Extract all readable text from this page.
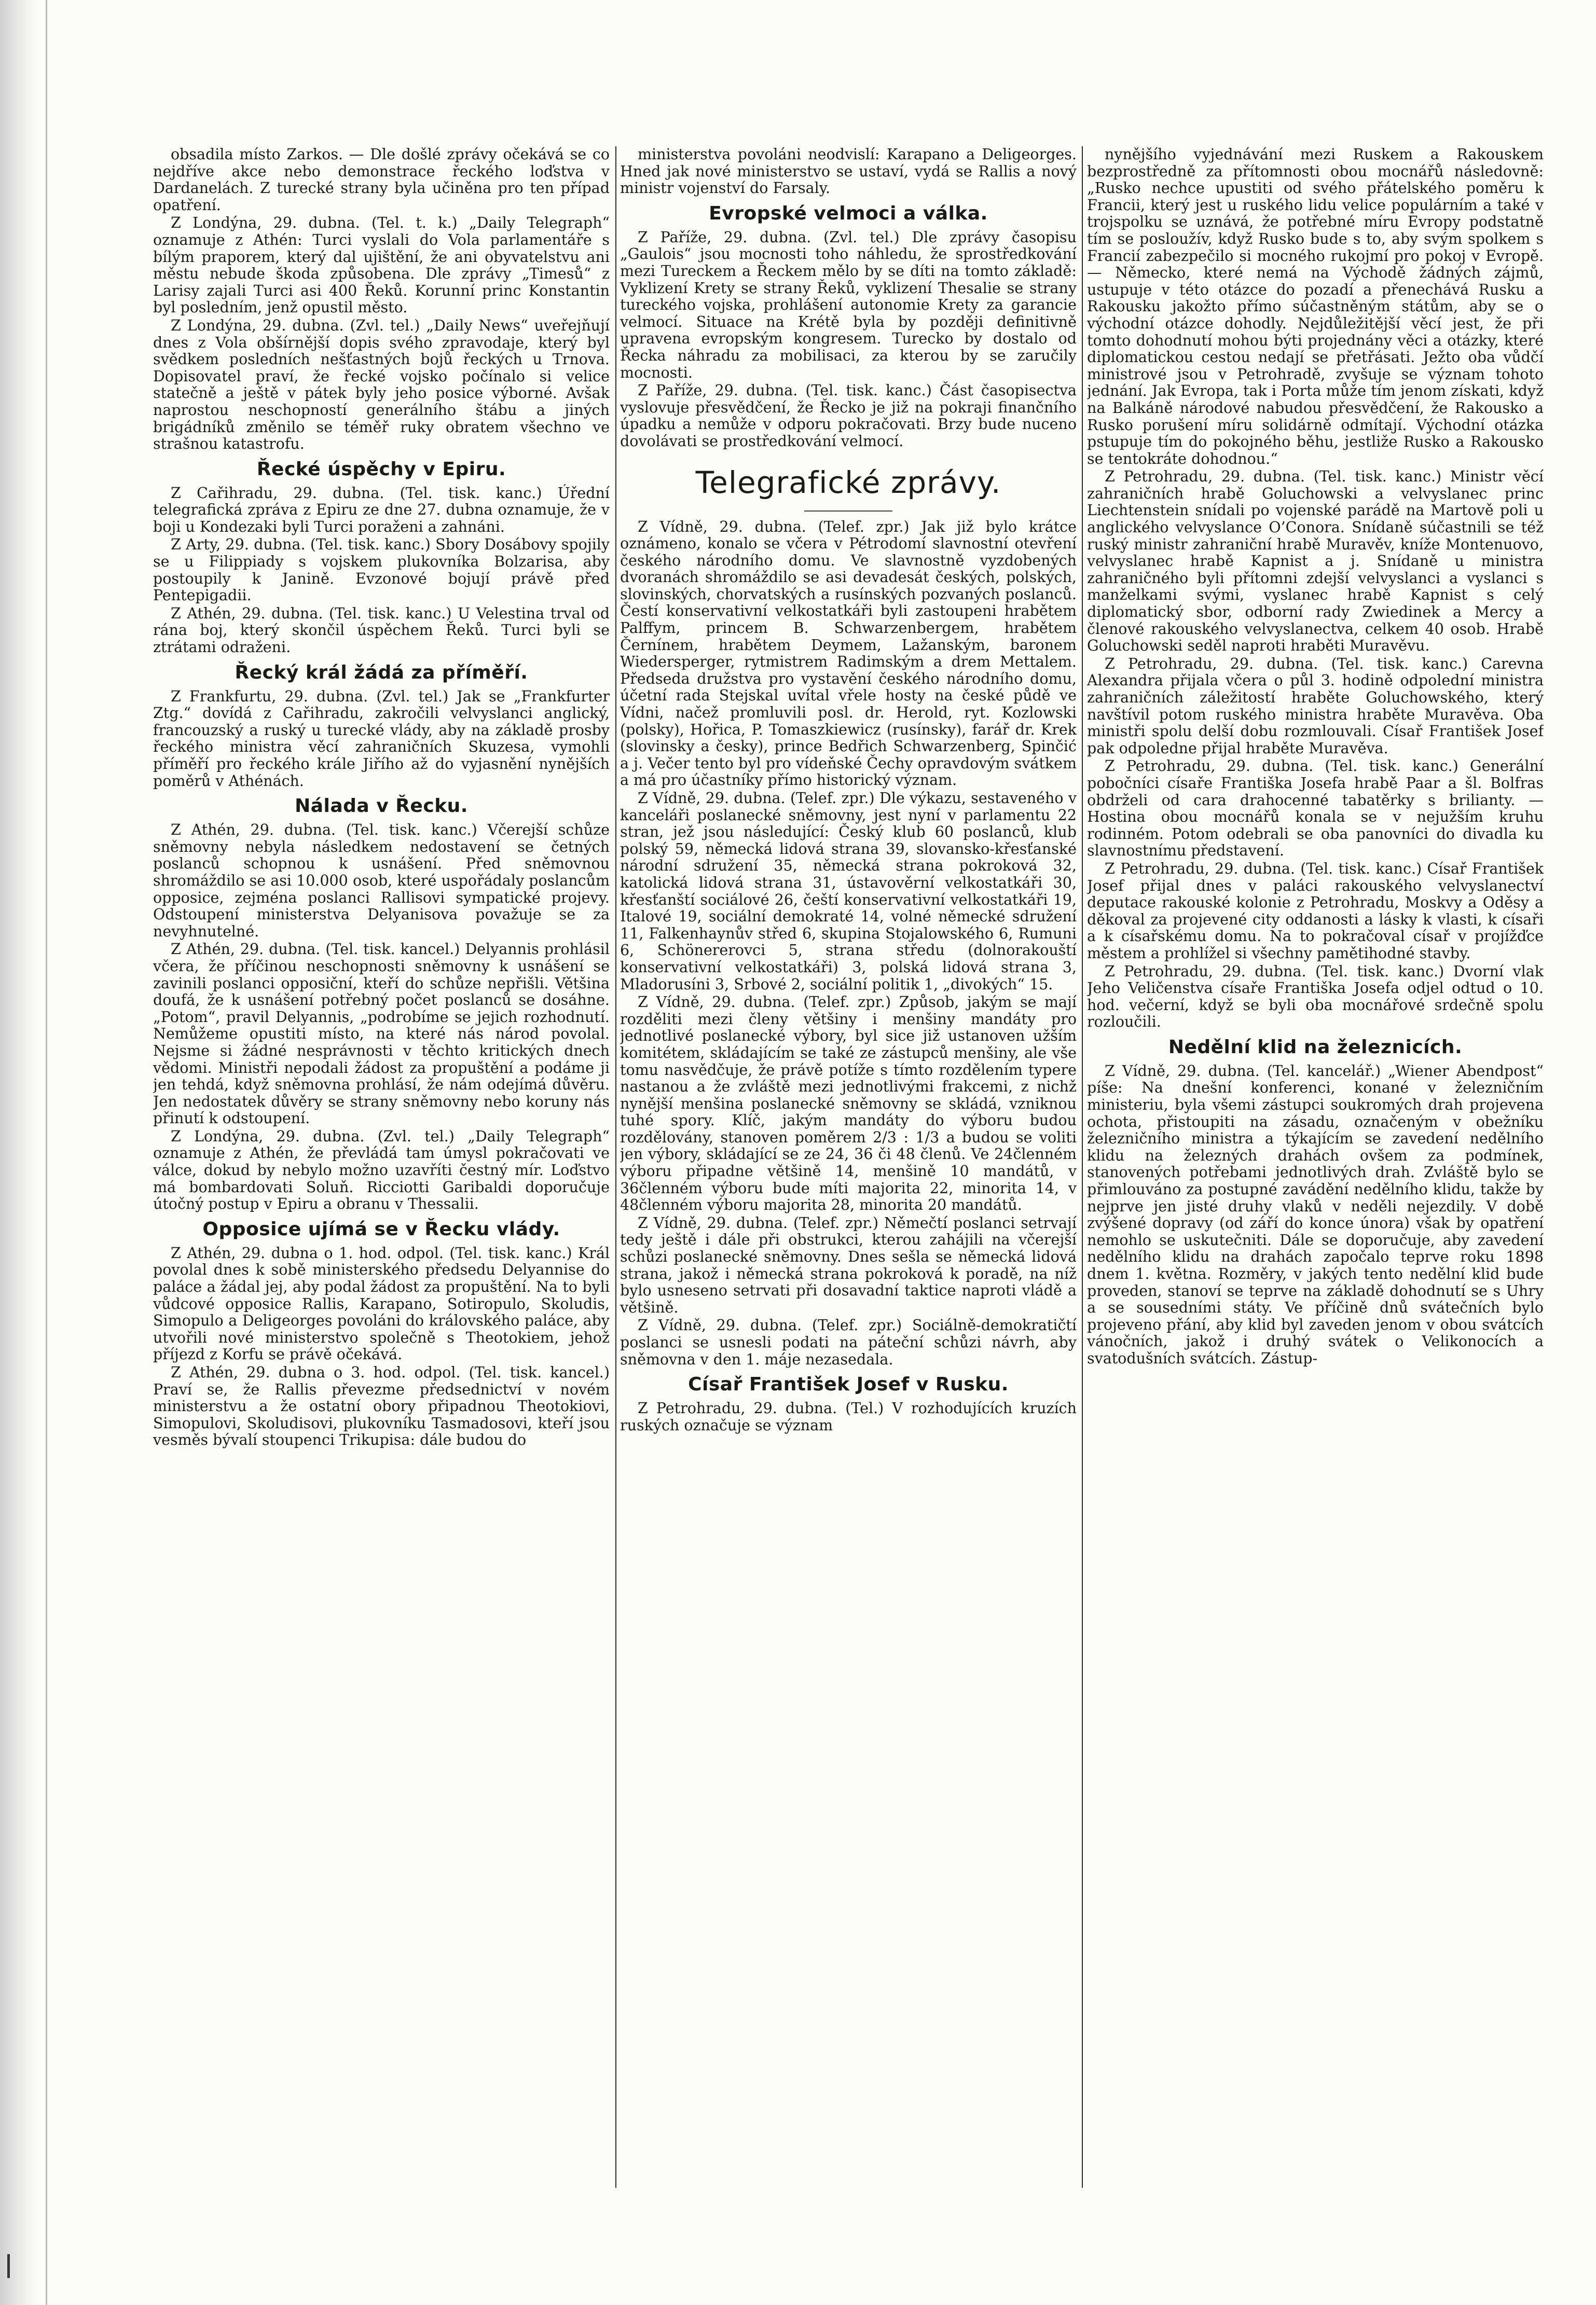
obsadila místo Zarkos. — Dle došlé zprávy očekává se co nejdříve akce nebo demonstrace řeckého loďstva v Dardanelách. Z turecké strany byla učiněna pro ten případ opatření.

Z Londýna, 29. dubna. (Tel. t. k.) „Daily Telegraph“ oznamuje z Athén: Turci vyslali do Vola parlamentáře s bílým praporem, který dal ujištění, že ani obyvatelstvu ani městu nebude škoda způsobena. Dle zprávy „Timesů“ z Larisy zajali Turci asi 400 Řeků. Korunní princ Konstantin byl posledním, jenž opustil město.

Z Londýna, 29. dubna. (Zvl. tel.) „Daily News“ uveřejňují dnes z Vola obšírnější dopis svého zpravodaje, který byl svědkem posledních nešťastných bojů řeckých u Trnova. Dopisovatel praví, že řecké vojsko počínalo si velice statečně a ještě v pátek byly jeho posice výborné. Avšak naprostou neschopností generálního štábu a jiných brigádníků změnilo se téměř ruky obratem všechno ve strašnou katastrofu.

Řecké úspěchy v Epiru.

Z Cařihradu, 29. dubna. (Tel. tisk. kanc.) Úřední telegrafická zpráva z Epiru ze dne 27. dubna oznamuje, že v boji u Kondezaki byli Turci poraženi a zahnáni.

Z Arty, 29. dubna. (Tel. tisk. kanc.) Sbory Dosábovy spojily se u Filippiady s vojskem plukovníka Bolzarisa, aby postoupily k Janině. Evzonové bojují právě před Pentepigadii.

Z Athén, 29. dubna. (Tel. tisk. kanc.) U Velestina trval od rána boj, který skončil úspěchem Řeků. Turci byli se ztrátami odraženi.

Řecký král žádá za příměří.

Z Frankfurtu, 29. dubna. (Zvl. tel.) Jak se „Frankfurter Ztg.“ dovídá z Cařihradu, zakročili velvyslanci anglický, francouzský a ruský u turecké vlády, aby na základě prosby řeckého ministra věcí zahraničních Skuzesa, vymohli příměří pro řeckého krále Jiřího až do vyjasnění nynějších poměrů v Athénách.

Nálada v Řecku.

Z Athén, 29. dubna. (Tel. tisk. kanc.) Včerejší schůze sněmovny nebyla následkem nedostavení se četných poslanců schopnou k usnášení. Před sněmovnou shromáždilo se asi 10.000 osob, které uspořádaly poslancům opposice, zejména poslanci Rallisovi sympatické projevy. Odstoupení ministerstva Delyanisova považuje se za nevyhnutelné.

Z Athén, 29. dubna. (Tel. tisk. kancel.) Delyannis prohlásil včera, že příčinou neschopnosti sněmovny k usnášení se zavinili poslanci opposiční, kteří do schůze nepřišli. Většina doufá, že k usnášení potřebný počet poslanců se dosáhne. „Potom“, pravil Delyannis, „podrobíme se jejich rozhodnutí. Nemůžeme opustiti místo, na které nás národ povolal. Nejsme si žádné nesprávnosti v těchto kritických dnech vědomi. Ministři nepodali žádost za propuštění a podáme ji jen tehdá, když sněmovna prohlásí, že nám odejímá důvěru. Jen nedostatek důvěry se strany sněmovny nebo koruny nás přinutí k odstoupení.

Z Londýna, 29. dubna. (Zvl. tel.) „Daily Telegraph“ oznamuje z Athén, že převládá tam úmysl pokračovati ve válce, dokud by nebylo možno uzavříti čestný mír. Loďstvo má bombardovati Soluň. Ricciotti Garibaldi doporučuje útočný postup v Epiru a obranu v Thessalii.

Opposice ujímá se v Řecku vlády.

Z Athén, 29. dubna o 1. hod. odpol. (Tel. tisk. kanc.) Král povolal dnes k sobě ministerského předsedu Delyannise do paláce a žádal jej, aby podal žádost za propuštění. Na to byli vůdcové opposice Rallis, Karapano, Sotiropulo, Skoludis, Simopulo a Deligeorges povoláni do královského paláce, aby utvořili nové ministerstvo společně s Theotokiem, jehož příjezd z Korfu se právě očekává.

Z Athén, 29. dubna o 3. hod. odpol. (Tel. tisk. kancel.) Praví se, že Rallis převezme předsednictví v novém ministerstvu a že ostatní obory připadnou Theotokiovi, Simopulovi, Skoludisovi, plukovníku Tasmadosovi, kteří jsou vesměs bývalí stoupenci Trikupisa: dále budou do

ministerstva povoláni neodvislí: Karapano a Deligeorges. Hned jak nové ministerstvo se ustaví, vydá se Rallis a nový ministr vojenství do Farsaly.

Evropské velmoci a válka.

Z Paříže, 29. dubna. (Zvl. tel.) Dle zprávy časopisu „Gaulois“ jsou mocnosti toho náhledu, že sprostředkování mezi Tureckem a Řeckem mělo by se díti na tomto základě: Vyklizení Krety se strany Řeků, vyklizení Thesalie se strany tureckého vojska, prohlášení autonomie Krety za garancie velmocí. Situace na Krétě byla by později definitivně upravena evropským kongresem. Turecko by dostalo od Řecka náhradu za mobilisaci, za kterou by se zaručily mocnosti.

Z Paříže, 29. dubna. (Tel. tisk. kanc.) Část časopisectva vyslovuje přesvědčení, že Řecko je již na pokraji finančního úpadku a nemůže v odporu pokračovati. Brzy bude nuceno dovolávati se prostředkování velmocí.

Telegrafické zprávy.

Z Vídně, 29. dubna. (Telef. zpr.) Jak již bylo krátce oznámeno, konalo se včera v Pétrodomí slavnostní otevření českého národního domu. Ve slavnostně vyzdobených dvoranách shromáždilo se asi devadesát českých, polských, slovinských, chorvatských a rusínských pozvaných poslanců. Čestí konservativní velkostatkáři byli zastoupeni hrabětem Palffym, princem B. Schwarzenbergem, hrabětem Černínem, hrabětem Deymem, Lažanským, baronem Wiedersperger, rytmistrem Radimským a drem Mettalem. Předseda družstva pro vystavění českého národního domu, účetní rada Stejskal uvítal vřele hosty na české půdě ve Vídni, načež promluvili posl. dr. Herold, ryt. Kozlowski (polsky), Hořica, P. Tomaszkiewicz (rusínsky), farář dr. Krek (slovinsky a česky), prince Bedřich Schwarzenberg, Spinčić a j. Večer tento byl pro vídeňské Čechy opravdovým svátkem a má pro účastníky přímo historický význam.

Z Vídně, 29. dubna. (Telef. zpr.) Dle výkazu, sestaveného v kanceláři poslanecké sněmovny, jest nyní v parlamentu 22 stran, jež jsou následující: Český klub 60 poslanců, klub polský 59, německá lidová strana 39, slovansko-křesťanské národní sdružení 35, německá strana pokroková 32, katolická lidová strana 31, ústavověrní velkostatkáři 30, křesťanští sociálové 26, čeští konservativní velkostatkáři 19, Italové 19, sociální demokraté 14, volné německé sdružení 11, Falkenhaynův střed 6, skupina Stojalowského 6, Rumuni 6, Schönererovci 5, strana středu (dolnorakouští konservativní velkostatkáři) 3, polská lidová strana 3, Mladorusíni 3, Srbové 2, sociální politik 1, „divokých“ 15.

Z Vídně, 29. dubna. (Telef. zpr.) Způsob, jakým se mají rozděliti mezi členy většiny i menšiny mandáty pro jednotlivé poslanecké výbory, byl sice již ustanoven užším komitétem, skládajícím se také ze zástupců menšiny, ale vše tomu nasvědčuje, že právě potíže s tímto rozdělením typere nastanou a že zvláště mezi jednotlivými frakcemi, z nichž nynější menšina poslanecké sněmovny se skládá, vzniknou tuhé spory. Klíč, jakým mandáty do výboru budou rozdělovány, stanoven poměrem 2/3 : 1/3 a budou se voliti jen výbory, skládající se ze 24, 36 či 48 členů. Ve 24členném výboru připadne většině 14, menšině 10 mandátů, v 36členném výboru bude míti majorita 22, minorita 14, v 48členném výboru majorita 28, minorita 20 mandátů.

Z Vídně, 29. dubna. (Telef. zpr.) Němečtí poslanci setrvají tedy ještě i dále při obstrukci, kterou zahájili na včerejší schůzi poslanecké sněmovny. Dnes sešla se německá lidová strana, jakož i německá strana pokroková k poradě, na níž bylo usneseno setrvati při dosavadní taktice naproti vládě a většině.

Z Vídně, 29. dubna. (Telef. zpr.) Sociálně-demokratičtí poslanci se usnesli podati na páteční schůzi návrh, aby sněmovna v den 1. máje nezasedala.

Císař František Josef v Rusku.

Z Petrohradu, 29. dubna. (Tel.) V rozhodujících kruzích ruských označuje se význam

nynějšího vyjednávání mezi Ruskem a Rakouskem bezprostředně za přítomnosti obou mocnářů následovně: „Rusko nechce upustiti od svého přátelského poměru k Francii, který jest u ruského lidu velice populárním a také v trojspolku se uznává, že potřebné míru Evropy podstatně tím se posloužív, když Rusko bude s to, aby svým spolkem s Francií zabezpečilo si mocného rukojmí pro pokoj v Evropě. — Německo, které nemá na Východě žádných zájmů, ustupuje v této otázce do pozadí a přenechává Rusku a Rakousku jakožto přímo súčastněným státům, aby se o východní otázce dohodly. Nejdůležitější věcí jest, že při tomto dohodnutí mohou býti projednány věci a otázky, které diplomatickou cestou nedají se přetřásati. Ježto oba vůdčí ministrové jsou v Petrohradě, zvyšuje se význam tohoto jednání. Jak Evropa, tak i Porta může tím jenom získati, když na Balkáně národové nabudou přesvědčení, že Rakousko a Rusko porušení míru solidárně odmítají. Východní otázka pstupuje tím do pokojného běhu, jestliže Rusko a Rakousko se tentokráte dohodnou.“

Z Petrohradu, 29. dubna. (Tel. tisk. kanc.) Ministr věcí zahraničních hrabě Goluchowski a velvyslanec princ Liechtenstein snídali po vojenské parádě na Martově poli u anglického velvyslance O’Conora. Snídaně súčastnili se též ruský ministr zahraniční hrabě Muravěv, kníže Montenuovo, velvyslanec hrabě Kapnist a j. Snídaně u ministra zahraničného byli přítomni zdejší velvyslanci a vyslanci s manželkami svými, vyslanec hrabě Kapnist s celý diplomatický sbor, odborní rady Zwiedinek a Mercy a členové rakouského velvyslanectva, celkem 40 osob. Hrabě Goluchowski seděl naproti hraběti Muravěvu.

Z Petrohradu, 29. dubna. (Tel. tisk. kanc.) Carevna Alexandra přijala včera o půl 3. hodině odpolední ministra zahraničních záležitostí hraběte Goluchowského, který navštívil potom ruského ministra hraběte Muravěva. Oba ministři spolu delší dobu rozmlouvali. Císař František Josef pak odpoledne přijal hraběte Muravěva.

Z Petrohradu, 29. dubna. (Tel. tisk. kanc.) Generální pobočníci císaře Františka Josefa hrabě Paar a šl. Bolfras obdrželi od cara drahocenné tabatěrky s brilianty. — Hostina obou mocnářů konala se v nejužším kruhu rodinném. Potom odebrali se oba panovníci do divadla ku slavnostnímu představení.

Z Petrohradu, 29. dubna. (Tel. tisk. kanc.) Císař František Josef přijal dnes v paláci rakouského velvyslanectví deputace rakouské kolonie z Petrohradu, Moskvy a Oděsy a děkoval za projevené city oddanosti a lásky k vlasti, k císaři a k císařskému domu. Na to pokračoval císař v projížďce městem a prohlížel si všechny pamětihodné stavby.

Z Petrohradu, 29. dubna. (Tel. tisk. kanc.) Dvorní vlak Jeho Veličenstva císaře Františka Josefa odjel odtud o 10. hod. večerní, když se byli oba mocnářové srdečně spolu rozloučili.

Nedělní klid na železnicích.

Z Vídně, 29. dubna. (Tel. kancelář.) „Wiener Abendpost“ píše: Na dnešní konferenci, konané v železničním ministeriu, byla všemi zástupci soukromých drah projevena ochota, přistoupiti na zásadu, označeným v obežníku železničního ministra a týkajícím se zavedení nedělního klidu na železných drahách ovšem za podmínek, stanovených potřebami jednotlivých drah. Zvláště bylo se přimlouváno za postupné zavádění nedělního klidu, takže by nejprve jen jisté druhy vlaků v neděli nejezdily. V době zvýšené dopravy (od září do konce února) však by opatření nemohlo se uskutečniti. Dále se doporučuje, aby zavedení nedělního klidu na drahách započalo teprve roku 1898 dnem 1. května. Rozměry, v jakých tento nedělní klid bude proveden, stanoví se teprve na základě dohodnutí se s Uhry a se sousedními státy. Ve příčině dnů svátečních bylo projeveno přání, aby klid byl zaveden jenom v obou svátcích vánočních, jakož i druhý svátek o Velikonocích a svatodušních svátcích. Zástup-
